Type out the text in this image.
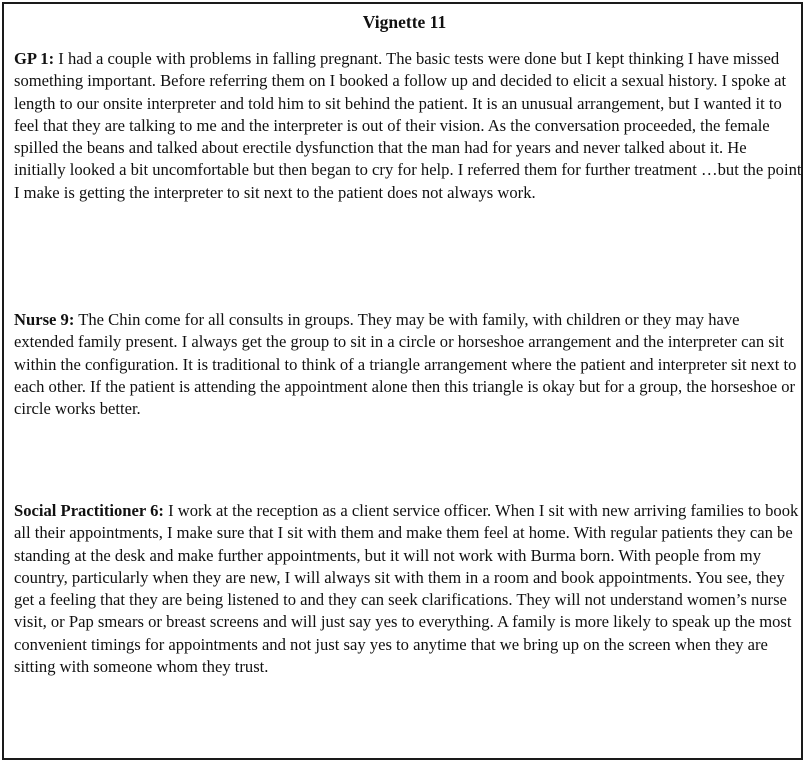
Vignette 11

GP 1: I had a couple with problems in falling pregnant. The basic tests were done but I kept thinking I have missed something important. Before referring them on I booked a follow up and decided to elicit a sexual history. I spoke at length to our onsite interpreter and told him to sit behind the patient. It is an unusual arrangement, but I wanted it to feel that they are talking to me and the interpreter is out of their vision. As the conversation proceeded, the female spilled the beans and talked about erectile dysfunction that the man had for years and never talked about it. He initially looked a bit uncomfortable but then began to cry for help. I referred them for further treatment …but the point I make is getting the interpreter to sit next to the patient does not always work.

Nurse 9: The Chin come for all consults in groups. They may be with family, with children or they may have extended family present. I always get the group to sit in a circle or horseshoe arrangement and the interpreter can sit within the configuration. It is traditional to think of a triangle arrangement where the patient and interpreter sit next to each other. If the patient is attending the appointment alone then this triangle is okay but for a group, the horseshoe or circle works better.

Social Practitioner 6: I work at the reception as a client service officer. When I sit with new arriving families to book all their appointments, I make sure that I sit with them and make them feel at home. With regular patients they can be standing at the desk and make further appointments, but it will not work with Burma born. With people from my country, particularly when they are new, I will always sit with them in a room and book appointments. You see, they get a feeling that they are being listened to and they can seek clarifications. They will not understand women’s nurse visit, or Pap smears or breast screens and will just say yes to everything. A family is more likely to speak up the most convenient timings for appointments and not just say yes to anytime that we bring up on the screen when they are sitting with someone whom they trust.
